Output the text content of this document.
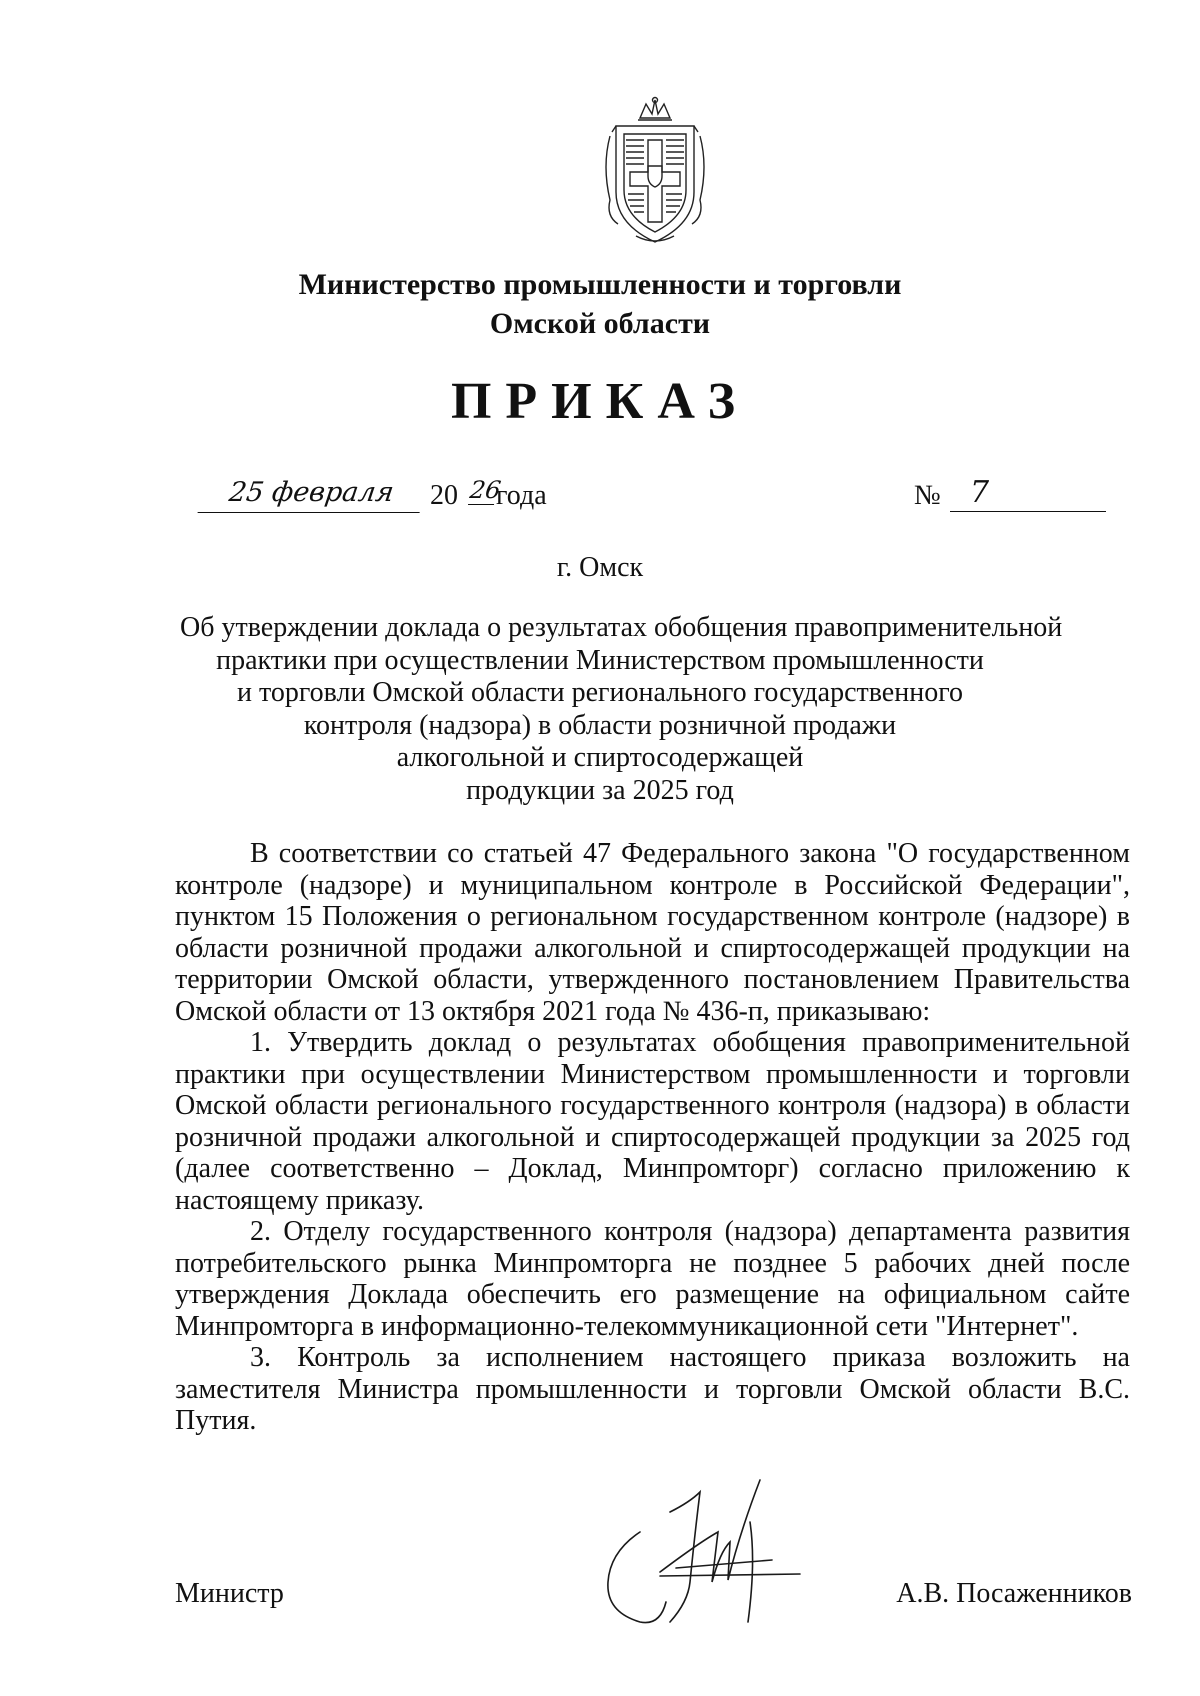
Министерство промышленности и торговли
Омской области
ПРИКАЗ
25 февраля	20 26
года	№ 7
г. Омск
Об утверждении доклада о результатах обобщения правоприменительной
практики при осуществлении Министерством промышленности
и торговли Омской области регионального государственного
контроля (надзора) в области розничной продажи
алкогольной и спиртосодержащей
продукции за 2025 год

В соответствии со статьей 47 Федерального закона "О государственном контроле (надзоре) и муниципальном контроле в Российской Федерации", пунктом 15 Положения о региональном государственном контроле (надзоре) в области розничной продажи алкогольной и спиртосодержащей продукции на территории Омской области, утвержденного постановлением Правительства Омской области от 13 октября 2021 года № 436-п, приказываю:

1. Утвердить доклад о результатах обобщения правоприменительной практики при осуществлении Министерством промышленности и торговли Омской области регионального государственного контроля (надзора) в области розничной продажи алкогольной и спиртосодержащей продукции за 2025 год (далее соответственно – Доклад, Минпромторг) согласно приложению к настоящему приказу.

2. Отделу государственного контроля (надзора) департамента развития потребительского рынка Минпромторга не позднее 5 рабочих дней после утверждения Доклада обеспечить его размещение на официальном сайте Минпромторга в информационно-телекоммуникационной сети "Интернет".

3. Контроль за исполнением настоящего приказа возложить на заместителя Министра промышленности и торговли Омской области В.С. Путия.

Министр	А.В. Посаженников
